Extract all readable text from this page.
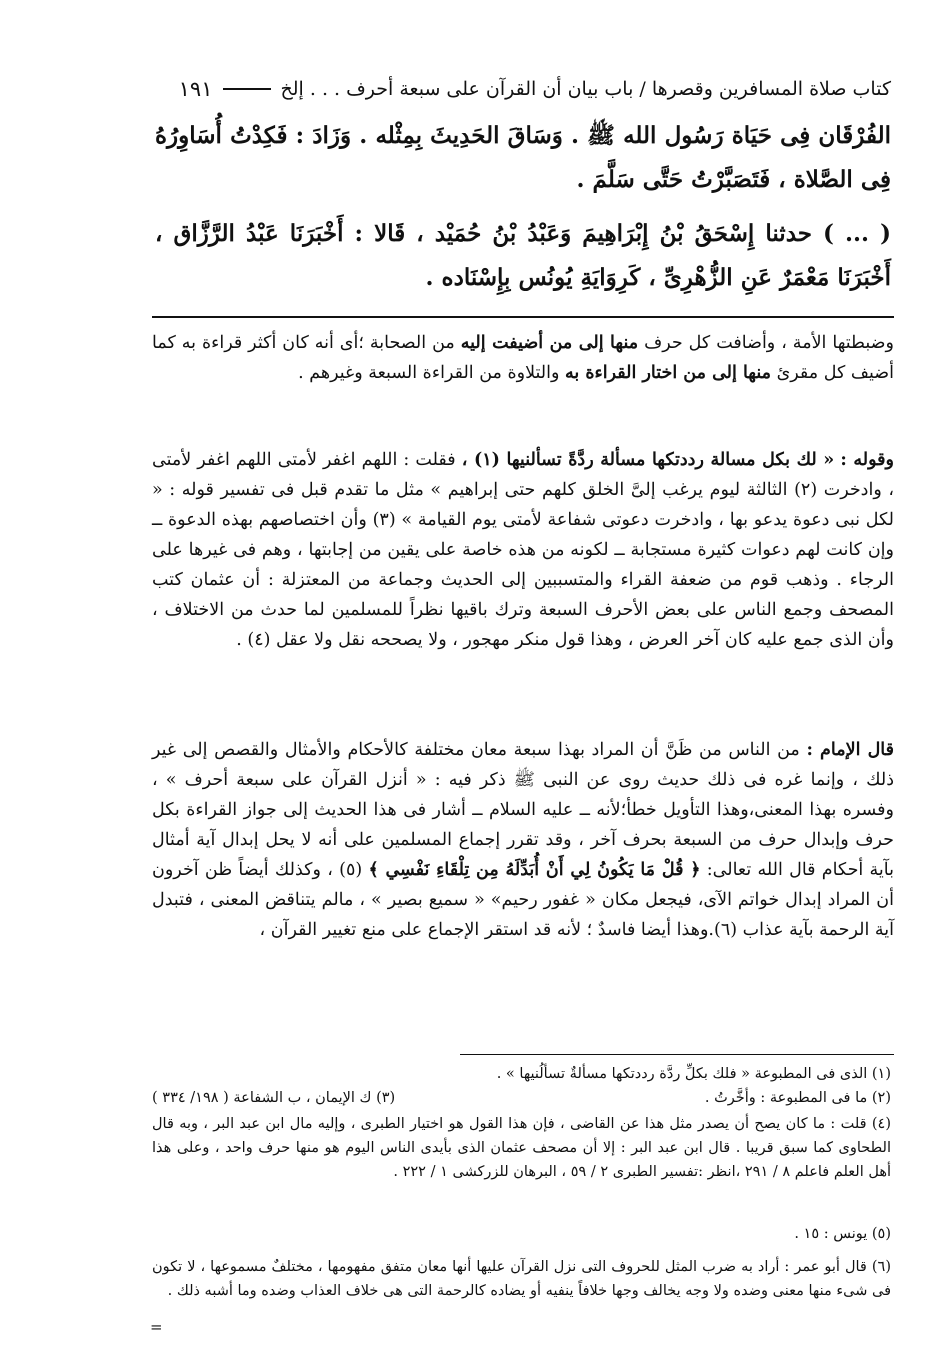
كتاب صلاة المسافرين وقصرها / باب بيان أن القرآن على سبعة أحرف . . . إلخ
١٩١

الفُرْقَان فِى حَيَاة رَسُول الله ﷺ . وَسَاقَ الحَدِيثَ بِمِثْله . وَزَادَ : فَكِدْتُ أُسَاوِرُهُ فِى الصَّلاة ، فَتَصَبَّرْتُ حَتَّى سَلَّمَ .

( ... ) حدثنا إِسْحَقُ بْنُ إِبْرَاهِيمَ وَعَبْدُ بْنُ حُمَيْد ، قَالا : أَخْبَرَنَا عَبْدُ الرَّزَّاق ، أَخْبَرَنَا مَعْمَرٌ عَنِ الزُّهْرِىِّ ، كَرِوَايَةِ يُونُس بِإِسْنَاده .

وضبطتها الأمة ، وأضافت كل حرف منها إلى من أضيفت إليه من الصحابة ؛أى أنه كان أكثر قراءة به كما أضيف كل مقرئ منها إلى من اختار القراءة به والتلاوة من القراءة السبعة وغيرهم .

وقوله : « لك بكل مسالة رددتكها مسألة ردَّةً تسألنيها (١) ، فقلت : اللهم اغفر لأمتى اللهم اغفر لأمتى ، وادخرت (٢) الثالثة ليوم يرغب إلىَّ الخلق كلهم حتى إبراهيم » مثل ما تقدم قبل فى تفسير قوله : « لكل نبى دعوة يدعو بها ، وادخرت دعوتى شفاعة لأمتى يوم القيامة » (٣) وأن اختصاصهم بهذه الدعوة ــ وإن كانت لهم دعوات كثيرة مستجابة ــ لكونه من هذه خاصة على يقين من إجابتها ، وهم فى غيرها على الرجاء . وذهب قوم من ضعفة القراء والمتسببين إلى الحديث وجماعة من المعتزلة : أن عثمان كتب المصحف وجمع الناس على بعض الأحرف السبعة وترك باقيها نظراً للمسلمين لما حدث من الاختلاف ، وأن الذى جمع عليه كان آخر العرض ، وهذا قول منكر مهجور ، ولا يصححه نقل ولا عقل (٤) .

قال الإمام : من الناس من ظَنَّ أن المراد بهذا سبعة معان مختلفة كالأحكام والأمثال والقصص إلى غير ذلك ، وإنما غره فى ذلك حديث روى عن النبى ﷺ ذكر فيه : « أنزل القرآن على سبعة أحرف » ، وفسره بهذا المعنى،وهذا التأويل خطأ؛لأنه ــ عليه السلام ــ أشار فى هذا الحديث إلى جواز القراءة بكل حرف وإبدال حرف من السبعة بحرف آخر ، وقد تقرر إجماع المسلمين على أنه لا يحل إبدال آية أمثال بآية أحكام قال الله تعالى: ﴿ قُلْ مَا يَكُونُ لِي أَنْ أُبَدِّلَهُ مِن تِلْقَاءِ نَفْسِي ﴾ (٥) ، وكذلك أيضاً ظن آخرون أن المراد إبدال خواتم الآى، فيجعل مكان « غفور رحيم» « سميع بصير » ، مالم يتناقض المعنى ، فتبدل آية الرحمة بآية عذاب (٦).وهذا أيضا فاسدٌ ؛ لأنه قد استقر الإجماع على منع تغيير القرآن ،

(١) الذى فى المطبوعة « فلك بكلِّ ردَّة رددتكها مسألةٌ تسألُنيها » .

(٢) ما فى المطبوعة : وأخَّرتُ .
(٣) ك الإيمان ، ب الشفاعة ( ١٩٨/ ٣٣٤ )

(٤) قلت : ما كان يصح أن يصدر مثل هذا عن القاضى ، فإن هذا القول هو اختيار الطبرى ، وإليه مال ابن عبد البر ، وبه قال الطحاوى كما سبق قريبا . قال ابن عبد البر : إلا أن مصحف عثمان الذى بأيدى الناس اليوم هو منها حرف واحد ، وعلى هذا أهل العلم فاعلم ٨ / ٢٩١ ،انظر :تفسير الطبرى ٢ / ٥٩ ، البرهان للزركشى ١ / ٢٢٢ .

(٥) يونس : ١٥ .

(٦) قال أبو عمر : أراد به ضرب المثل للحروف التى نزل القرآن عليها أنها معان متفق مفهومها ، مختلفٌ مسموعها ، لا تكون فى شىء منها معنى وضده ولا وجه يخالف وجها خلافاً ينفيه أو يضاده كالرحمة التى هى خلاف العذاب وضده وما أشبه ذلك .

=
